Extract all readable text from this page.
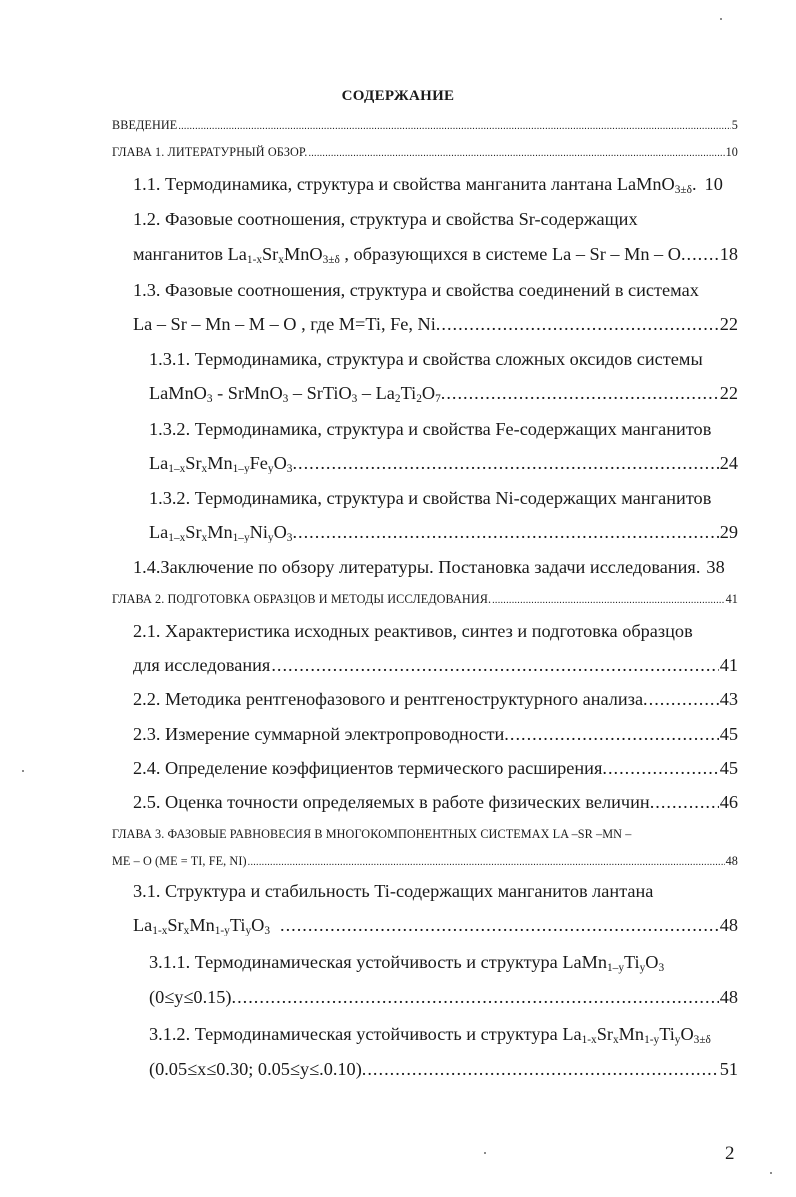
СОДЕРЖАНИЕ
ВВЕДЕНИЕ .....	5
ГЛАВА 1. ЛИТЕРАТУРНЫЙ ОБЗОР. .....	10
1.1. Термодинамика, структура и свойства манганита лантана LaMnO$_{3\pm\delta}$. 10
1.2. Фазовые соотношения, структура и свойства Sr-содержащих
манганитов $La_{1-x}Sr_xMnO_{3\pm\delta}$ , образующихся в системе La – Sr – Mn – O. ..... 18
1.3. Фазовые соотношения, структура и свойства соединений в системах
La – Sr – Mn – M – O , где M=Ti, Fe, Ni. .....	22
1.3.1. Термодинамика, структура и свойства сложных оксидов системы
LaMnO$_3$ - SrMnO$_3$ – SrTiO$_3$ – $La_2Ti_2O_7$. .....	22
1.3.2. Термодинамика, структура и свойства Fe-содержащих манганитов
$La_{1-x}Sr_xMn_{1-y}Fe_yO_3$. .....	24
1.3.2. Термодинамика, структура и свойства Ni-содержащих манганитов
$La_{1-x}Sr_xMn_{1-y}Ni_yO_3$. .....	29
1.4.Заключение по обзору литературы. Постановка задачи исследования. 38
ГЛАВА 2. ПОДГОТОВКА ОБРАЗЦОВ И МЕТОДЫ ИССЛЕДОВАНИЯ. .....	41
2.1. Характеристика исходных реактивов, синтез и подготовка образцов
для исследования .....	41
2.2. Методика рентгенофазового и рентгеноструктурного анализа. .....	43
2.3. Измерение суммарной электропроводности. .....	45
2.4. Определение коэффициентов термического расширения. .....	45
2.5. Оценка точности определяемых в работе физических величин. .....	46
ГЛАВА 3. ФАЗОВЫЕ РАВНОВЕСИЯ В МНОГОКОМПОНЕНТНЫХ СИСТЕМАХ LA –SR –MN –
ME – O (ME = TI, FE, NI) .....	48
3.1. Структура и стабильность Ti-содержащих манганитов лантана
$La_{1-x}Sr_xMn_{1-y}Ti_yO_3$ .....	48
3.1.1. Термодинамическая устойчивость и структура $LaMn_{1-y}Ti_yO_3$
(0≤y≤0.15). .....	48
3.1.2. Термодинамическая устойчивость и структура $La_{1-x}Sr_xMn_{1-y}Ti_yO_{3\pm\delta}$
(0.05≤x≤0.30; 0.05≤y≤.0.10). .....	51
2
